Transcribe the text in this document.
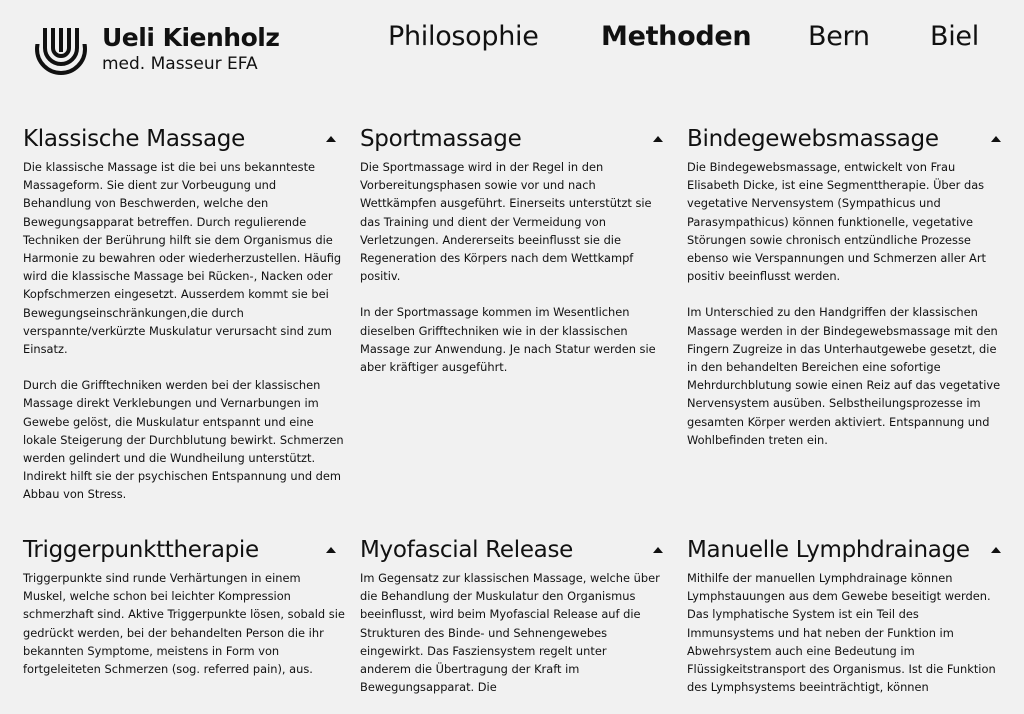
Ueli Kienholz
med. Masseur EFA
Philosophie Methoden Bern Biel
Klassische Massage

Die klassische Massage ist die bei uns bekannteste Massageform. Sie dient zur Vorbeugung und Behandlung von Beschwerden, welche den Bewegungsapparat betreffen. Durch regulierende Techniken der Berührung hilft sie dem Organismus die Harmonie zu bewahren oder wiederherzustellen. Häufig wird die klassische Massage bei Rücken-, Nacken oder Kopfschmerzen eingesetzt. Ausserdem kommt sie bei Bewegungseinschränkungen,die durch verspannte/verkürzte Muskulatur verursacht sind zum Einsatz.

Durch die Grifftechniken werden bei der klassischen Massage direkt Verklebungen und Vernarbungen im Gewebe gelöst, die Muskulatur entspannt und eine lokale Steigerung der Durchblutung bewirkt. Schmerzen werden gelindert und die Wundheilung unterstützt. Indirekt hilft sie der psychischen Entspannung und dem Abbau von Stress.

Sportmassage

Die Sportmassage wird in der Regel in den Vorbereitungsphasen sowie vor und nach Wettkämpfen ausgeführt. Einerseits unterstützt sie das Training und dient der Vermeidung von Verletzungen. Andererseits beeinflusst sie die Regeneration des Körpers nach dem Wettkampf positiv.

In der Sportmassage kommen im Wesentlichen dieselben Grifftechniken wie in der klassischen Massage zur Anwendung. Je nach Statur werden sie aber kräftiger ausgeführt.

Bindegewebsmassage

Die Bindegewebsmassage, entwickelt von Frau Elisabeth Dicke, ist eine Segmenttherapie. Über das vegetative Nervensystem (Sympathicus und Parasympathicus) können funktionelle, vegetative Störungen sowie chronisch entzündliche Prozesse ebenso wie Verspannungen und Schmerzen aller Art positiv beeinflusst werden.

Im Unterschied zu den Handgriffen der klassischen Massage werden in der Bindegewebsmassage mit den Fingern Zugreize in das Unterhautgewebe gesetzt, die in den behandelten Bereichen eine sofortige Mehrdurchblutung sowie einen Reiz auf das vegetative Nervensystem ausüben. Selbstheilungsprozesse im gesamten Körper werden aktiviert. Entspannung und Wohlbefinden treten ein.

Triggerpunkttherapie

Triggerpunkte sind runde Verhärtungen in einem Muskel, welche schon bei leichter Kompression schmerzhaft sind. Aktive Triggerpunkte lösen, sobald sie gedrückt werden, bei der behandelten Person die ihr bekannten Symptome, meistens in Form von fortgeleiteten Schmerzen (sog. referred pain), aus.

Myofascial Release

Im Gegensatz zur klassischen Massage, welche über die Behandlung der Muskulatur den Organismus beeinflusst, wird beim Myofascial Release auf die Strukturen des Binde- und Sehnengewebes eingewirkt. Das Fasziensystem regelt unter anderem die Übertragung der Kraft im Bewegungsapparat. Die

Manuelle Lymphdrainage

Mithilfe der manuellen Lymphdrainage können Lymphstauungen aus dem Gewebe beseitigt werden. Das lymphatische System ist ein Teil des Immunsystems und hat neben der Funktion im Abwehrsystem auch eine Bedeutung im Flüssigkeitstransport des Organismus. Ist die Funktion des Lymphsystems beeinträchtigt, können
